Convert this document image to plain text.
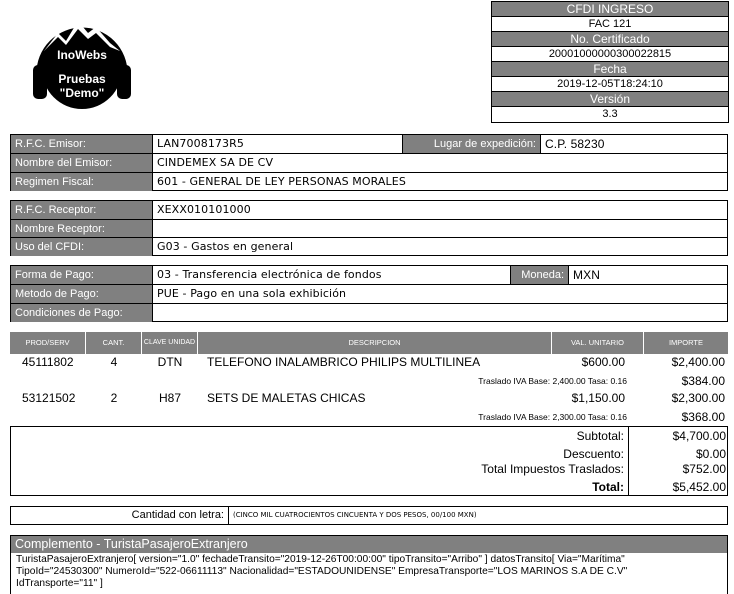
InoWebs
Pruebas
"Demo"
CFDI INGRESO
FAC 121
No. Certificado
20001000000300022815
Fecha
2019-12-05T18:24:10
Versión
3.3
R.F.C. Emisor:	LAN7008173R5	Lugar de expedición: C.P. 58230
Nombre del Emisor:	CINDEMEX SA DE CV
Regimen Fiscal:	601 - GENERAL DE LEY PERSONAS MORALES
R.F.C. Receptor:	XEXX010101000
Nombre Receptor:
Uso del CFDI:	G03 - Gastos en general
Forma de Pago:	03 - Transferencia electrónica de fondos	Moneda: MXN
Metodo de Pago:	PUE - Pago en una sola exhibición
Condiciones de Pago:
PROD/SERV	CANT.	CLAVE UNIDAD	DESCRIPCION	VAL. UNITARIO	IMPORTE
45111802	4	DTN	TELEFONO INALAMBRICO PHILIPS MULTILINEA	$600.00	$2,400.00
Traslado IVA Base: 2,400.00 Tasa: 0.16	$384.00
53121502	2	H87	SETS DE MALETAS CHICAS	$1,150.00	$2,300.00
Traslado IVA Base: 2,300.00 Tasa: 0.16	$368.00
Subtotal:	$4,700.00
Descuento:	$0.00
Total Impuestos Traslados:	$752.00
Total:	$5,452.00
Cantidad con letra:	(CINCO MIL CUATROCIENTOS CINCUENTA Y DOS PESOS, 00/100 MXN)
Complemento - TuristaPasajeroExtranjero
TuristaPasajeroExtranjero[ version="1.0" fechadeTransito="2019-12-26T00:00:00" tipoTransito="Arribo" ] datosTransito[ Via="Marítima"
TipoId="24530300" NumeroId="522-06611113" Nacionalidad="ESTADOUNIDENSE" EmpresaTransporte="LOS MARINOS S.A DE C.V"
IdTransporte="11" ]
